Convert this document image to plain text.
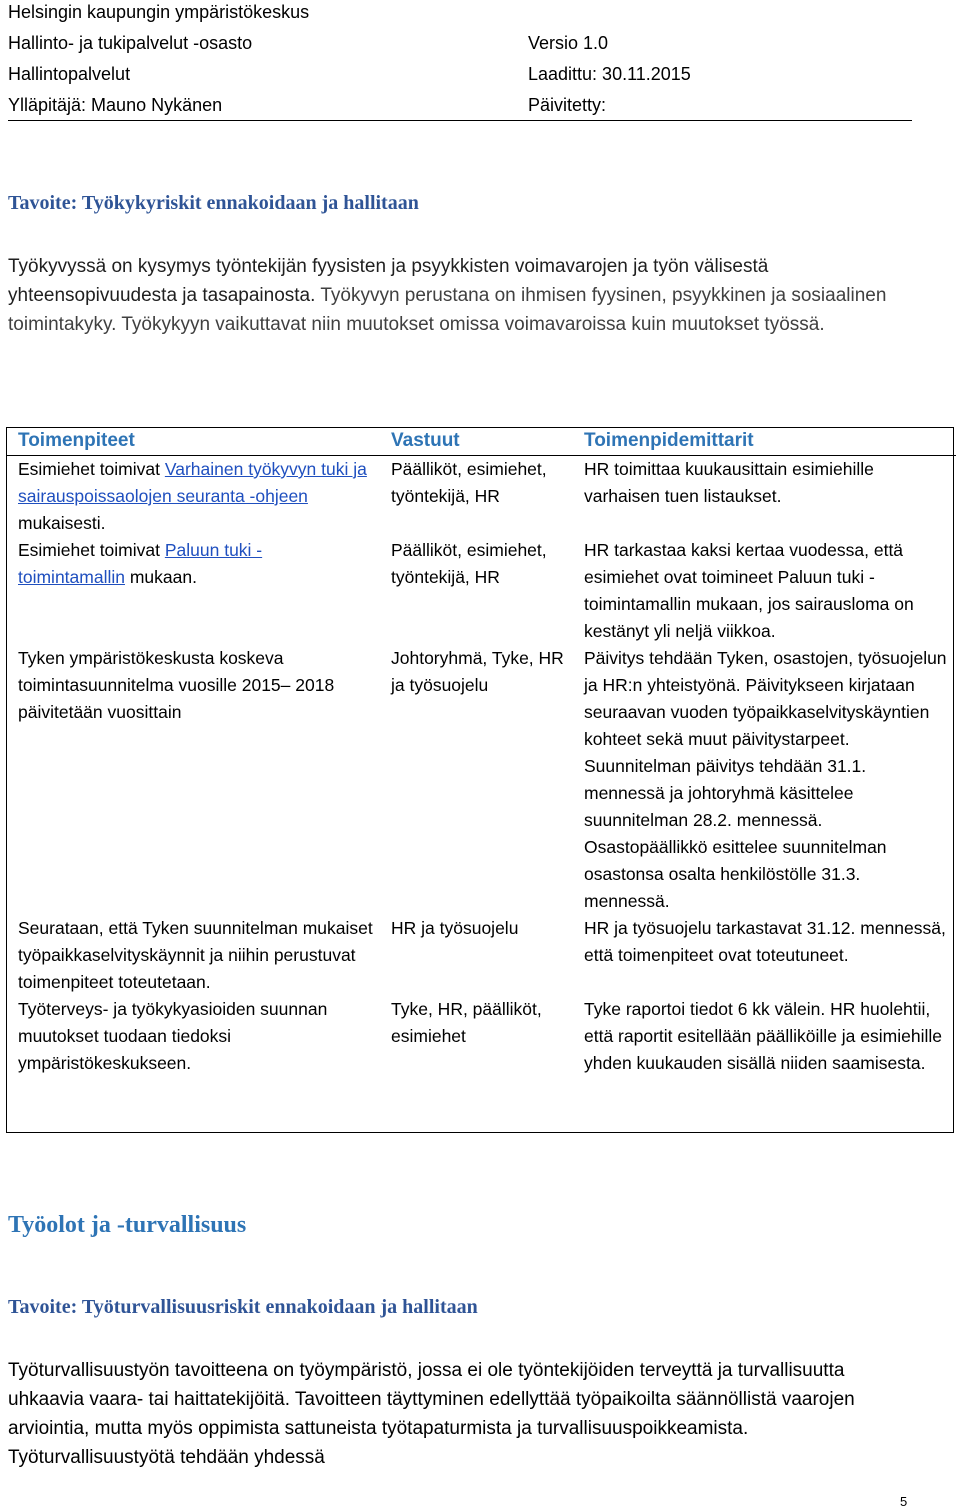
Helsingin kaupungin ympäristökeskus
Hallinto- ja tukipalvelut -osasto	Versio 1.0
Hallintopalvelut	Laadittu: 30.11.2015
Ylläpitäjä: Mauno Nykänen	Päivitetty:
Tavoite: Työkykyriskit ennakoidaan ja hallitaan
Työkyvyssä on kysymys työntekijän fyysisten ja psyykkisten voimavarojen ja työn välisestä yhteensopivuudesta ja tasapainosta. Työkyvyn perustana on ihmisen fyysinen, psyykkinen ja sosiaalinen toimintakyky. Työkykyyn vaikuttavat niin muutokset omissa voimavaroissa kuin muutokset työssä.
Toimenpiteet	Vastuut	Toimenpidemittarit
Esimiehet toimivat Varhainen työkyvyn tuki ja sairauspoissaolojen seuranta -ohjeen mukaisesti.	Päälliköt, esimiehet, työntekijä, HR	HR toimittaa kuukausittain esimiehille varhaisen tuen listaukset.
Esimiehet toimivat Paluun tuki - toimintamallin mukaan.	Päälliköt, esimiehet, työntekijä, HR	HR tarkastaa kaksi kertaa vuodessa, että esimiehet ovat toimineet Paluun tuki -toimintamallin mukaan, jos sairausloma on kestänyt yli neljä viikkoa.
Tyken ympäristökeskusta koskeva toimintasuunnitelma vuosille 2015– 2018 päivitetään vuosittain	Johtoryhmä, Tyke, HR ja työsuojelu	Päivitys tehdään Tyken, osastojen, työsuojelun ja HR:n yhteistyönä. Päivitykseen kirjataan seuraavan vuoden työpaikkaselvityskäyntien kohteet sekä muut päivitystarpeet. Suunnitelman päivitys tehdään 31.1. mennessä ja johtoryhmä käsittelee suunnitelman 28.2. mennessä. Osastopäällikkö esittelee suunnitelman osastonsa osalta henkilöstölle 31.3. mennessä.
Seurataan, että Tyken suunnitelman mukaiset työpaikkaselvityskäynnit ja niihin perustuvat toimenpiteet toteutetaan.	HR ja työsuojelu	HR ja työsuojelu tarkastavat 31.12. mennessä, että toimenpiteet ovat toteutuneet.
Työterveys- ja työkykyasioiden suunnan muutokset tuodaan tiedoksi ympäristökeskukseen.	Tyke, HR, päälliköt, esimiehet	Tyke raportoi tiedot 6 kk välein. HR huolehtii, että raportit esitellään päälliköille ja esimiehille yhden kuukauden sisällä niiden saamisesta.
Työolot ja -turvallisuus
Tavoite: Työturvallisuusriskit ennakoidaan ja hallitaan
Työturvallisuustyön tavoitteena on työympäristö, jossa ei ole työntekijöiden terveyttä ja turvallisuutta uhkaavia vaara- tai haittatekijöitä. Tavoitteen täyttyminen edellyttää työpaikoilta säännöllistä vaarojen arviointia, mutta myös oppimista sattuneista työtapaturmista ja turvallisuuspoikkeamista. Työturvallisuustyötä tehdään yhdessä
5
